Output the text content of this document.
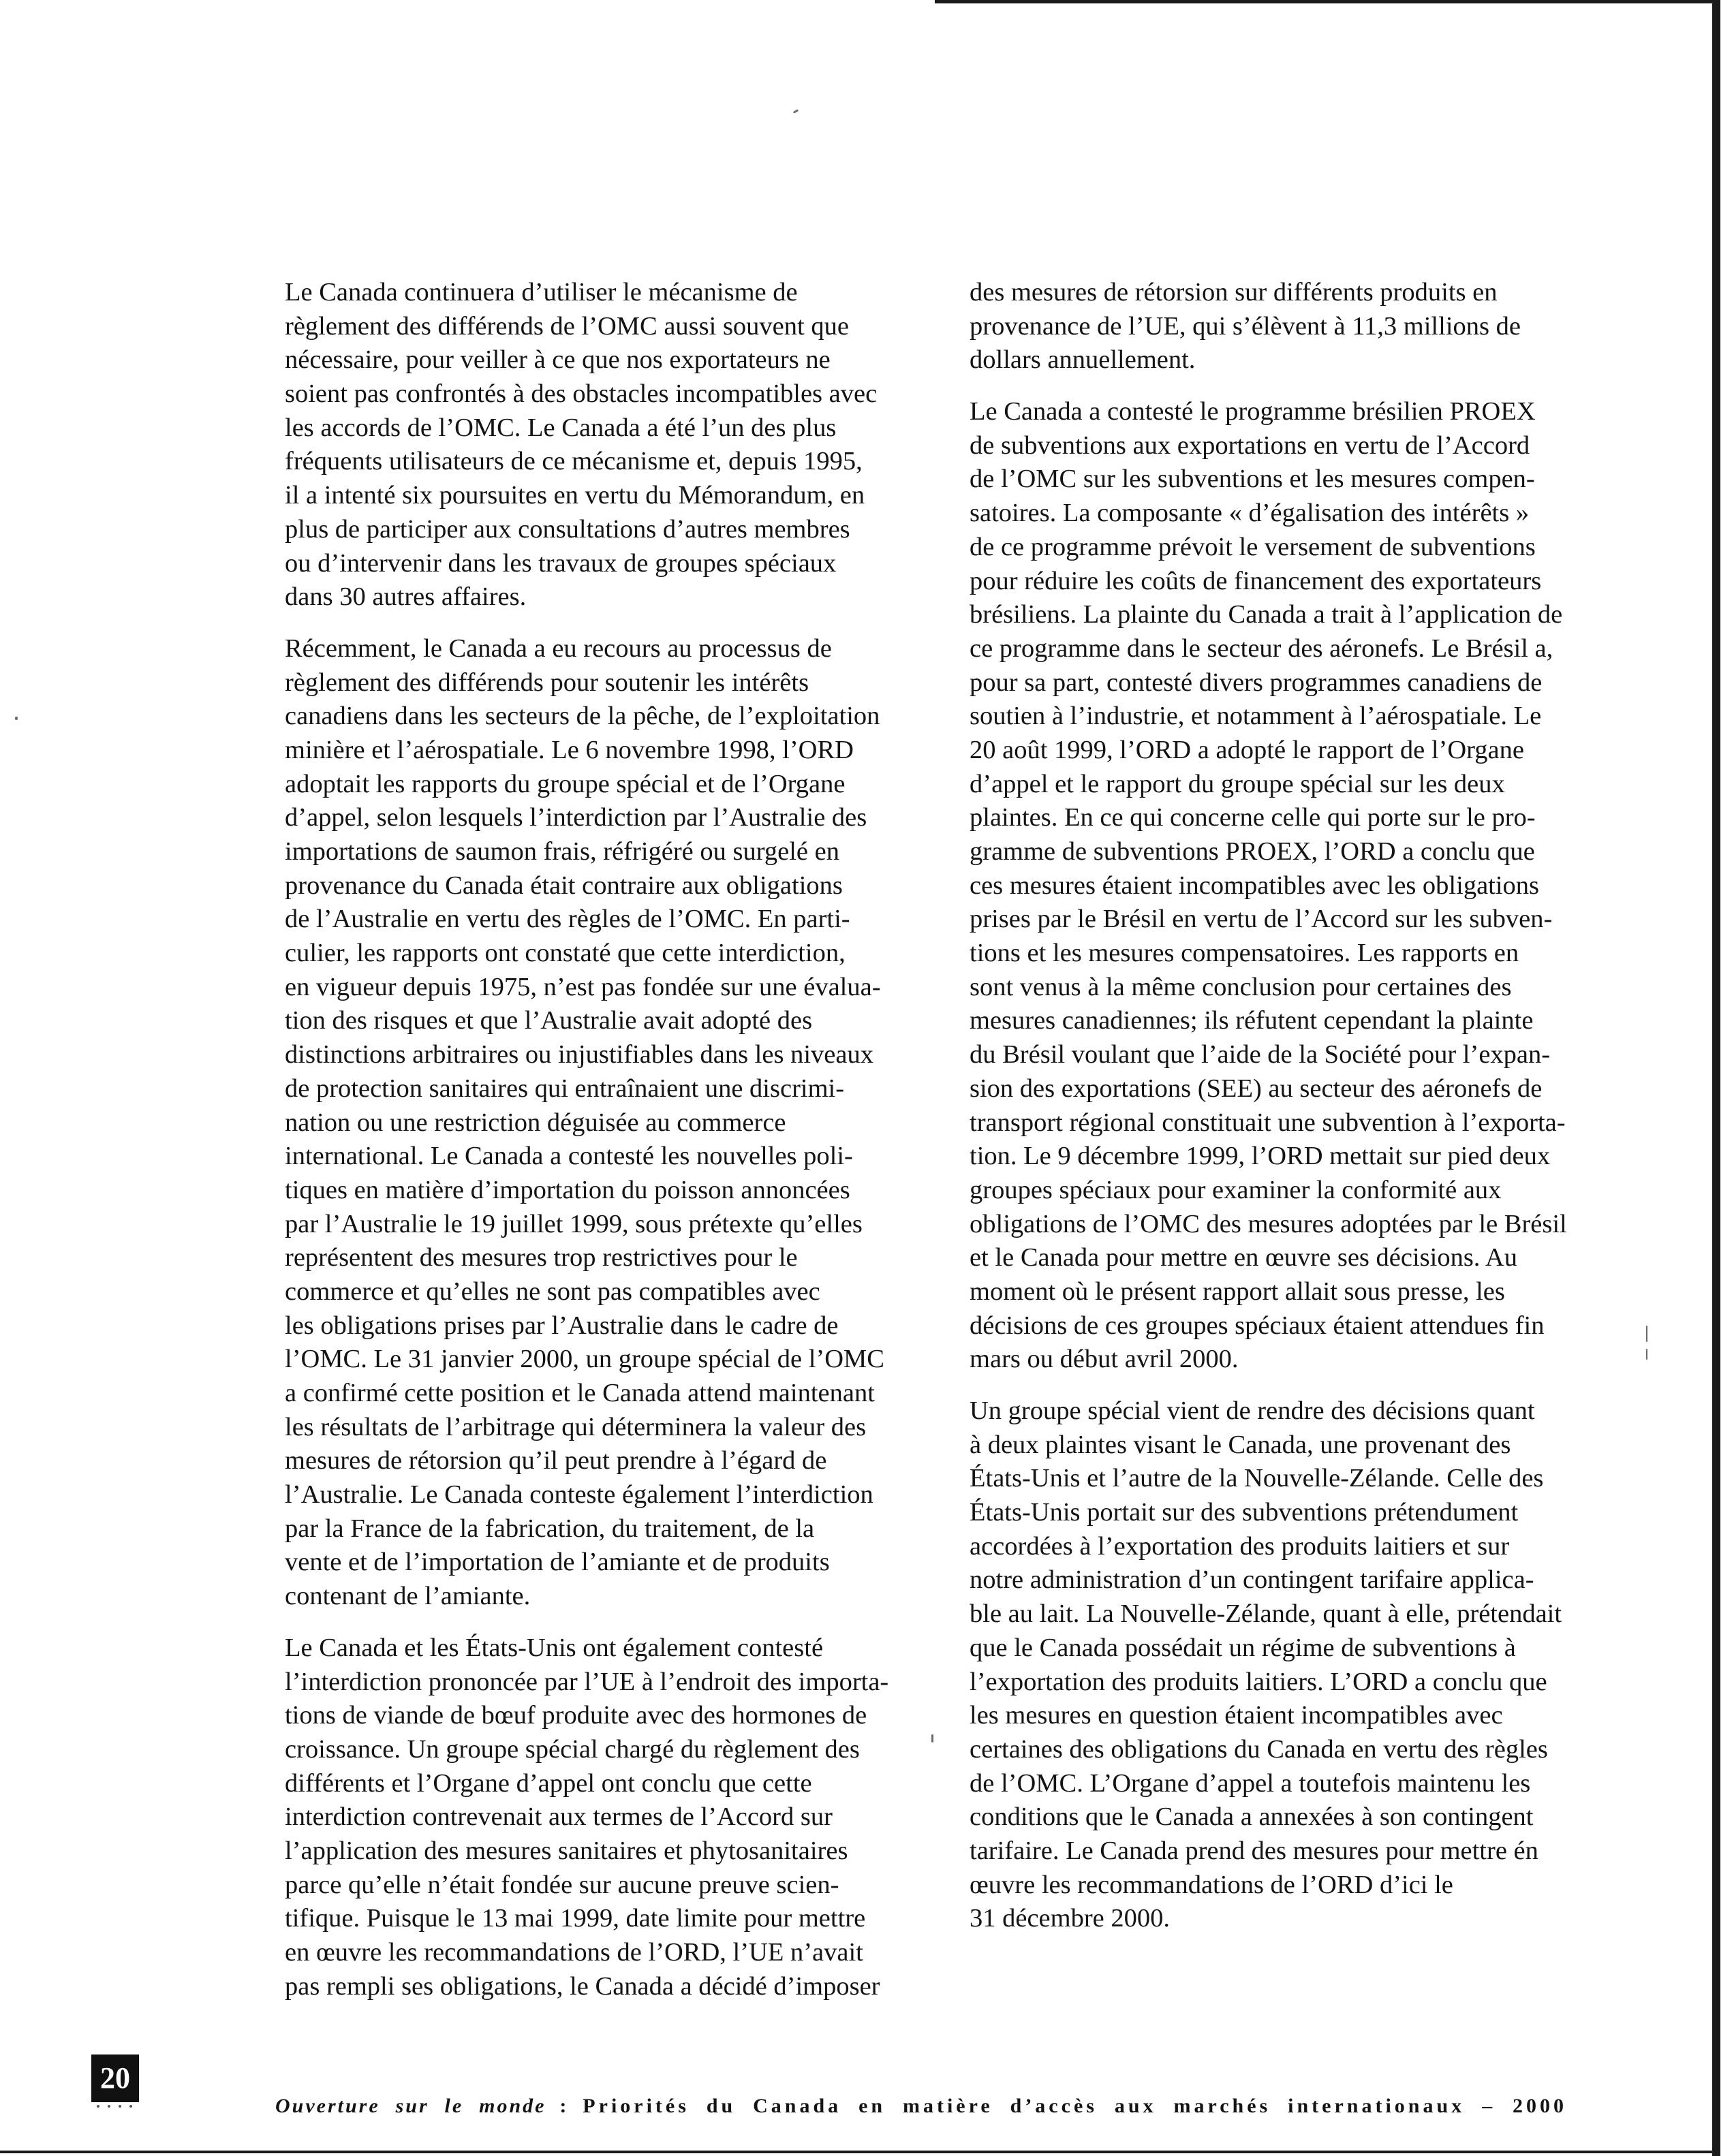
Le Canada continuera d’utiliser le mécanisme de
règlement des différends de l’OMC aussi souvent que
nécessaire, pour veiller à ce que nos exportateurs ne
soient pas confrontés à des obstacles incompatibles avec
les accords de l’OMC. Le Canada a été l’un des plus
fréquents utilisateurs de ce mécanisme et, depuis 1995,
il a intenté six poursuites en vertu du Mémorandum, en
plus de participer aux consultations d’autres membres
ou d’intervenir dans les travaux de groupes spéciaux
dans 30 autres affaires.
Récemment, le Canada a eu recours au processus de
règlement des différends pour soutenir les intérêts
canadiens dans les secteurs de la pêche, de l’exploitation
minière et l’aérospatiale. Le 6 novembre 1998, l’ORD
adoptait les rapports du groupe spécial et de l’Organe
d’appel, selon lesquels l’interdiction par l’Australie des
importations de saumon frais, réfrigéré ou surgelé en
provenance du Canada était contraire aux obligations
de l’Australie en vertu des règles de l’OMC. En parti-
culier, les rapports ont constaté que cette interdiction,
en vigueur depuis 1975, n’est pas fondée sur une évalua-
tion des risques et que l’Australie avait adopté des
distinctions arbitraires ou injustifiables dans les niveaux
de protection sanitaires qui entraînaient une discrimi-
nation ou une restriction déguisée au commerce
international. Le Canada a contesté les nouvelles poli-
tiques en matière d’importation du poisson annoncées
par l’Australie le 19 juillet 1999, sous prétexte qu’elles
représentent des mesures trop restrictives pour le
commerce et qu’elles ne sont pas compatibles avec
les obligations prises par l’Australie dans le cadre de
l’OMC. Le 31 janvier 2000, un groupe spécial de l’OMC
a confirmé cette position et le Canada attend maintenant
les résultats de l’arbitrage qui déterminera la valeur des
mesures de rétorsion qu’il peut prendre à l’égard de
l’Australie. Le Canada conteste également l’interdiction
par la France de la fabrication, du traitement, de la
vente et de l’importation de l’amiante et de produits
contenant de l’amiante.
Le Canada et les États-Unis ont également contesté
l’interdiction prononcée par l’UE à l’endroit des importa-
tions de viande de bœuf produite avec des hormones de
croissance. Un groupe spécial chargé du règlement des
différents et l’Organe d’appel ont conclu que cette
interdiction contrevenait aux termes de l’Accord sur
l’application des mesures sanitaires et phytosanitaires
parce qu’elle n’était fondée sur aucune preuve scien-
tifique. Puisque le 13 mai 1999, date limite pour mettre
en œuvre les recommandations de l’ORD, l’UE n’avait
pas rempli ses obligations, le Canada a décidé d’imposer
des mesures de rétorsion sur différents produits en
provenance de l’UE, qui s’élèvent à 11,3 millions de
dollars annuellement.
Le Canada a contesté le programme brésilien PROEX
de subventions aux exportations en vertu de l’Accord
de l’OMC sur les subventions et les mesures compen-
satoires. La composante « d’égalisation des intérêts »
de ce programme prévoit le versement de subventions
pour réduire les coûts de financement des exportateurs
brésiliens. La plainte du Canada a trait à l’application de
ce programme dans le secteur des aéronefs. Le Brésil a,
pour sa part, contesté divers programmes canadiens de
soutien à l’industrie, et notamment à l’aérospatiale. Le
20 août 1999, l’ORD a adopté le rapport de l’Organe
d’appel et le rapport du groupe spécial sur les deux
plaintes. En ce qui concerne celle qui porte sur le pro-
gramme de subventions PROEX, l’ORD a conclu que
ces mesures étaient incompatibles avec les obligations
prises par le Brésil en vertu de l’Accord sur les subven-
tions et les mesures compensatoires. Les rapports en
sont venus à la même conclusion pour certaines des
mesures canadiennes; ils réfutent cependant la plainte
du Brésil voulant que l’aide de la Société pour l’expan-
sion des exportations (SEE) au secteur des aéronefs de
transport régional constituait une subvention à l’exporta-
tion. Le 9 décembre 1999, l’ORD mettait sur pied deux
groupes spéciaux pour examiner la conformité aux
obligations de l’OMC des mesures adoptées par le Brésil
et le Canada pour mettre en œuvre ses décisions. Au
moment où le présent rapport allait sous presse, les
décisions de ces groupes spéciaux étaient attendues fin
mars ou début avril 2000.
Un groupe spécial vient de rendre des décisions quant
à deux plaintes visant le Canada, une provenant des
États-Unis et l’autre de la Nouvelle-Zélande. Celle des
États-Unis portait sur des subventions prétendument
accordées à l’exportation des produits laitiers et sur
notre administration d’un contingent tarifaire applica-
ble au lait. La Nouvelle-Zélande, quant à elle, prétendait
que le Canada possédait un régime de subventions à
l’exportation des produits laitiers. L’ORD a conclu que
les mesures en question étaient incompatibles avec
certaines des obligations du Canada en vertu des règles
de l’OMC. L’Organe d’appel a toutefois maintenu les
conditions que le Canada a annexées à son contingent
tarifaire. Le Canada prend des mesures pour mettre én
œuvre les recommandations de l’ORD d’ici le
31 décembre 2000.
20
Ouverture sur le monde : Priorités du Canada en matière d’accès aux marchés internationaux – 2000
